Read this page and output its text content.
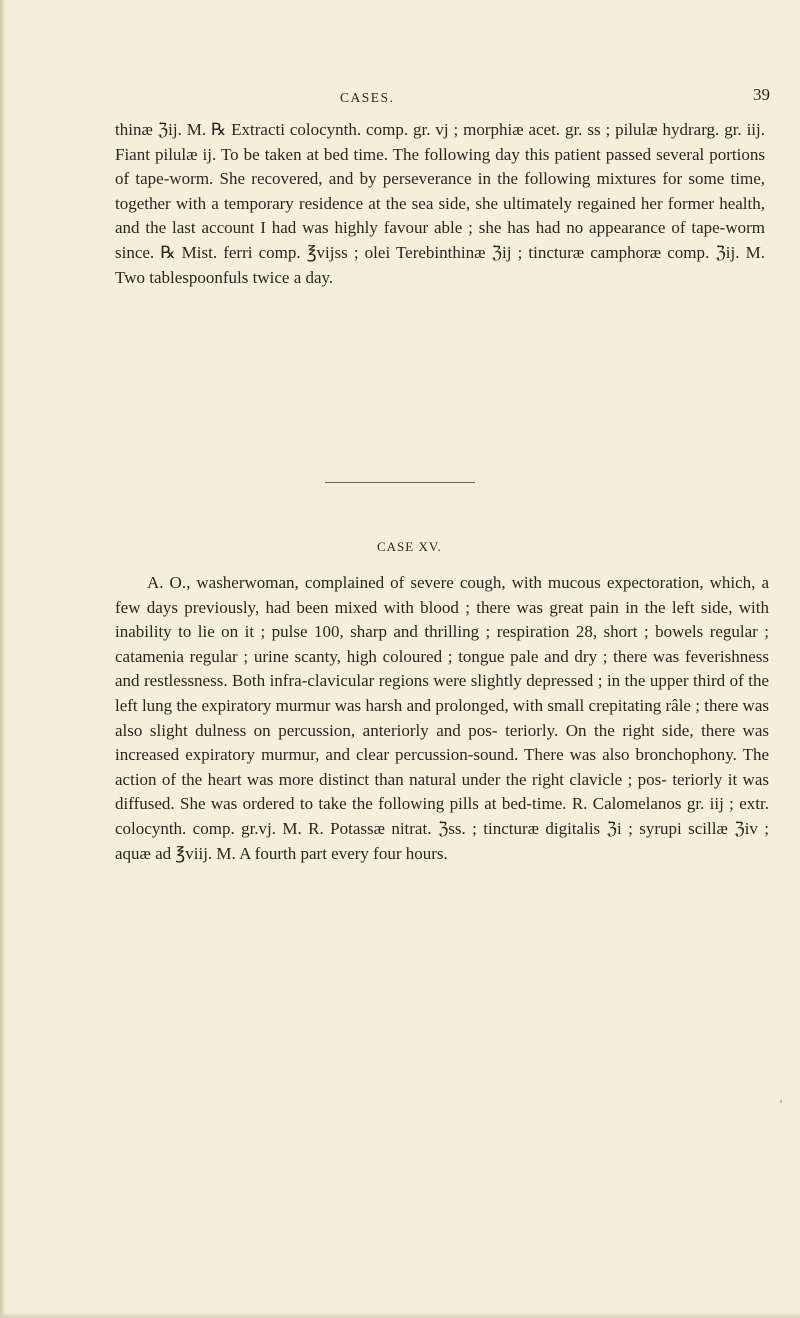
CASES.	39

thinæ ℨij. M. ℞ Extracti colocynth. comp. gr. vj ; morphiæ acet. gr. ss ; pilulæ hydrarg. gr. iij. Fiant pilulæ ij. To be taken at bed time. The following day this patient passed several portions of tape-worm. She recovered, and by perseverance in the following mixtures for some time, together with a temporary residence at the sea side, she ultimately regained her former health, and the last account I had was highly favour able ; she has had no appearance of tape-worm since. ℞ Mist. ferri comp. ℥vijss ; olei Terebinthinæ ℨij ; tincturæ camphoræ comp. ℨij. M. Two tablespoonfuls twice a day.

CASE XV.

A. O., washerwoman, complained of severe cough, with mucous expectoration, which, a few days previously, had been mixed with blood ; there was great pain in the left side, with inability to lie on it ; pulse 100, sharp and thrilling ; respiration 28, short ; bowels regular ; catamenia regular ; urine scanty, high coloured ; tongue pale and dry ; there was feverishness and restlessness. Both infra-clavicular regions were slightly depressed ; in the upper third of the left lung the expiratory murmur was harsh and prolonged, with small crepitating râle ; there was also slight dulness on percussion, anteriorly and pos- teriorly. On the right side, there was increased expiratory murmur, and clear percussion-sound. There was also bronchophony. The action of the heart was more distinct than natural under the right clavicle ; pos- teriorly it was diffused. She was ordered to take the following pills at bed-time. R. Calomelanos gr. iij ; extr. colocynth. comp. gr.vj. M. R. Potassæ nitrat. ℨss. ; tincturæ digitalis ℨi ; syrupi scillæ ℨiv ; aquæ ad ℥viij. M. A fourth part every four hours.

'
